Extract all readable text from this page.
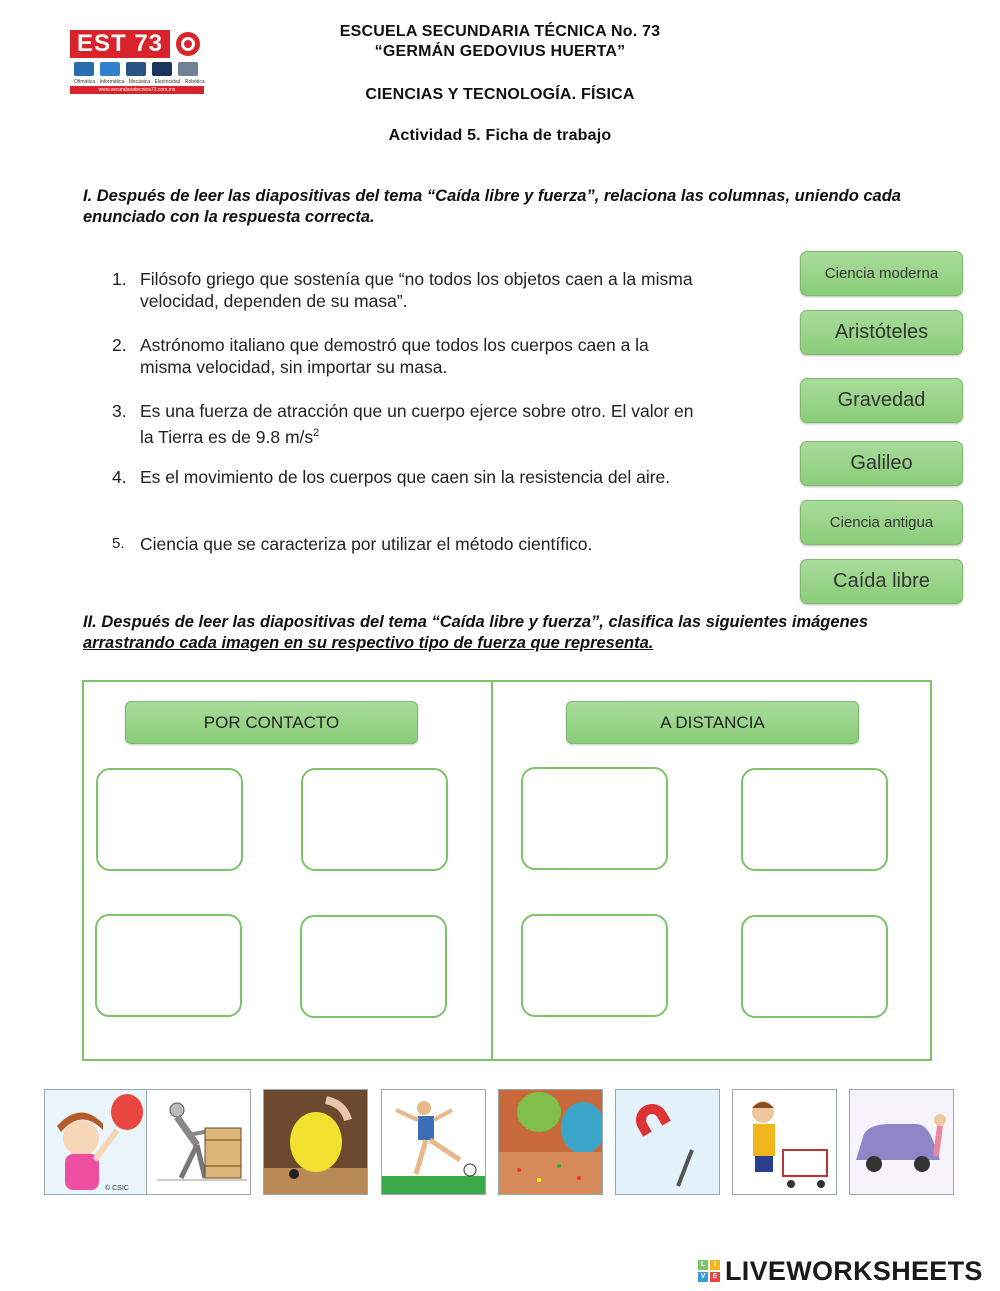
EST 73
Ofimática · Informática · Mecánica · Electricidad · Robótica
www.secundariatecnica73.com.mx
ESCUELA SECUNDARIA TÉCNICA No. 73
“GERMÁN GEDOVIUS HUERTA”
CIENCIAS Y TECNOLOGÍA. FÍSICA
Actividad 5. Ficha de trabajo
I. Después de leer las diapositivas del tema “Caída libre y fuerza”, relaciona las columnas, uniendo cada enunciado con la respuesta correcta.
1. Filósofo griego que sostenía que “no todos los objetos caen a la misma velocidad, dependen de su masa”.
2. Astrónomo italiano que demostró que todos los cuerpos caen a la misma velocidad, sin importar su masa.
3. Es una fuerza de atracción que un cuerpo ejerce sobre otro. El valor en la Tierra es de 9.8 $m/s^2$
4. Es el movimiento de los cuerpos que caen sin la resistencia del aire.
5. Ciencia que se caracteriza por utilizar el método científico.
Ciencia moderna
Aristóteles
Gravedad
Galileo
Ciencia antigua
Caída libre
II. Después de leer las diapositivas del tema “Caída libre y fuerza”, clasifica las siguientes imágenes arrastrando cada imagen en su respectivo tipo de fuerza que representa.
POR CONTACTO	A DISTANCIA
© CSIC
L	I
V	E LIVEWORKSHEETS
